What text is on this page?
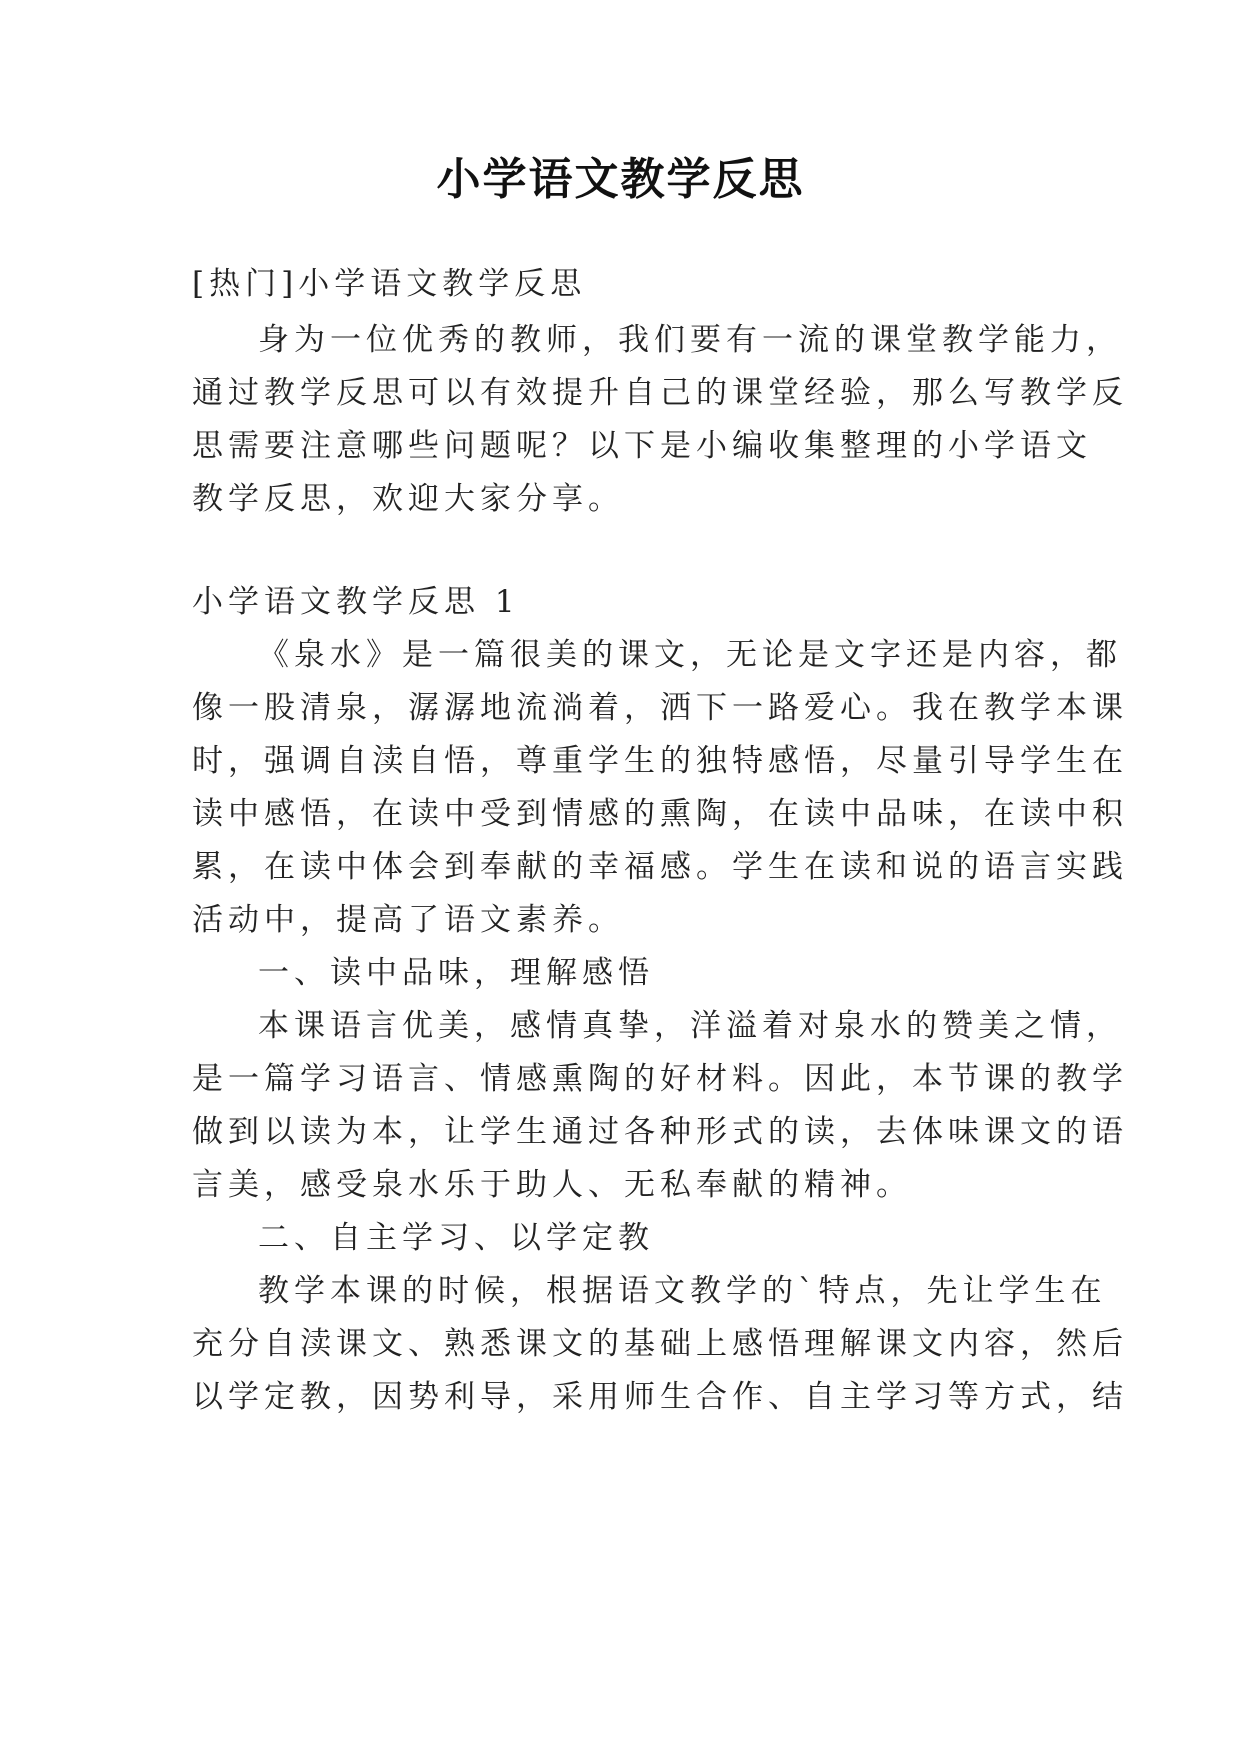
小学语文教学反思
[热门]小学语文教学反思
身为一位优秀的教师，我们要有一流的课堂教学能力，
通过教学反思可以有效提升自己的课堂经验，那么写教学反
思需要注意哪些问题呢？以下是小编收集整理的小学语文
教学反思，欢迎大家分享。
小学语文教学反思 1
《泉水》是一篇很美的课文，无论是文字还是内容，都
像一股清泉，潺潺地流淌着，洒下一路爱心。我在教学本课
时，强调自渎自悟，尊重学生的独特感悟，尽量引导学生在
读中感悟，在读中受到情感的熏陶，在读中品味，在读中积
累，在读中体会到奉献的幸福感。学生在读和说的语言实践
活动中，提高了语文素养。
一、读中品味，理解感悟
本课语言优美，感情真挚，洋溢着对泉水的赞美之情，
是一篇学习语言、情感熏陶的好材料。因此，本节课的教学
做到以读为本，让学生通过各种形式的读，去体味课文的语
言美，感受泉水乐于助人、无私奉献的精神。
二、自主学习、以学定教
教学本课的时候，根据语文教学的`特点，先让学生在
充分自渎课文、熟悉课文的基础上感悟理解课文内容，然后
以学定教，因势利导，采用师生合作、自主学习等方式，结
